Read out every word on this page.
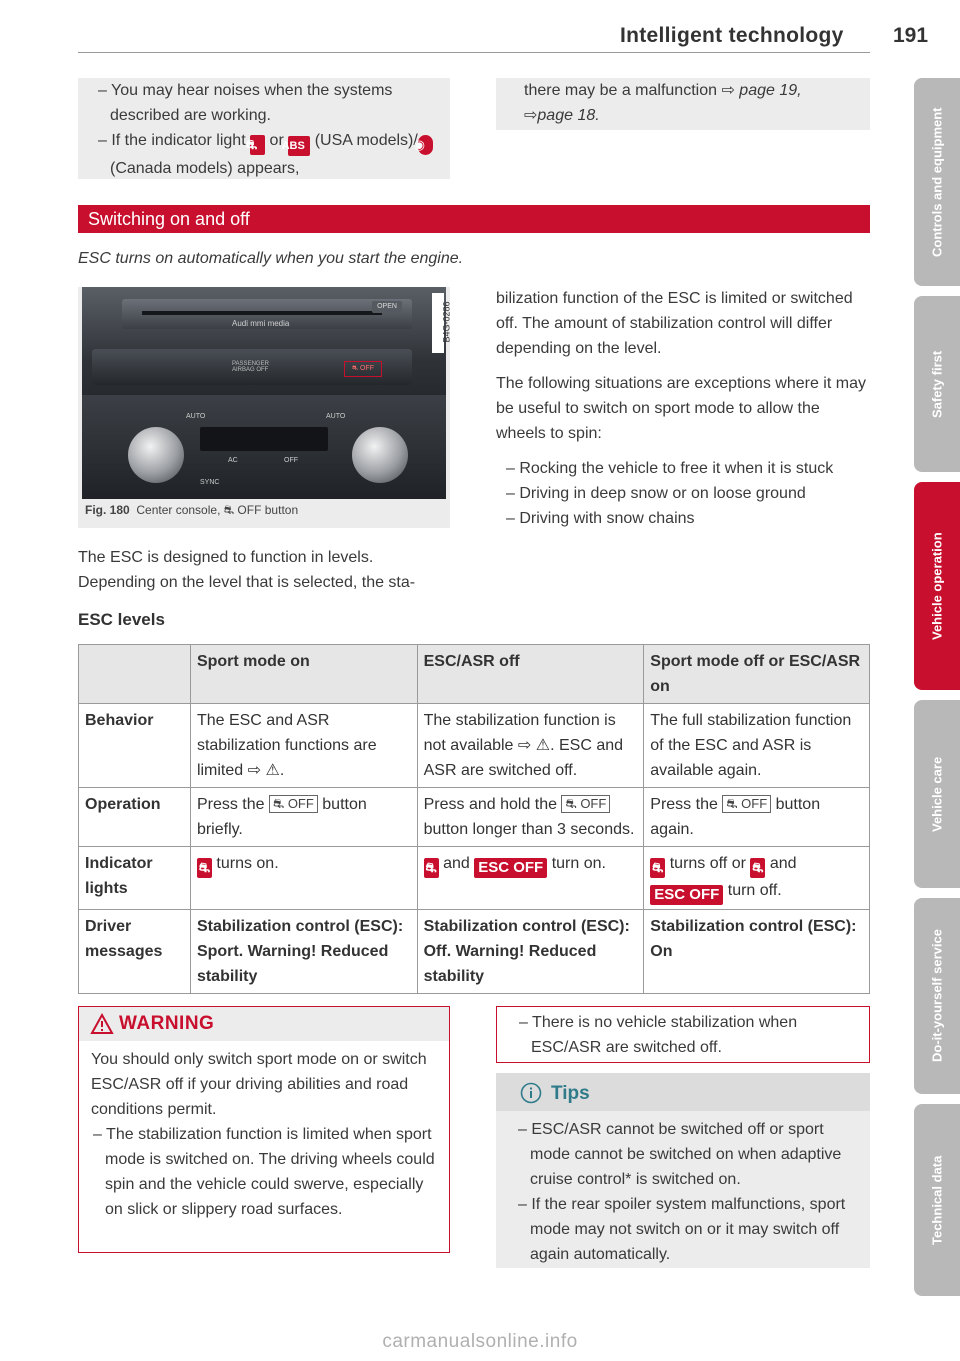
Intelligent technology 191

– You may hear noises when the systems described are working.

– If the indicator light ⛐ or ABS (USA models)/◉ (Canada models) appears,

there may be a malfunction ⇨ page 19,
⇨page 18.

Switching on and off
ESC turns on automatically when you start the engine.
Audi mmi media
OPEN
PASSENGER AIRBAG OFF	⛐ OFF
AUTO	AUTO
AC	OFF
SYNC
B4G-0286
Fig. 180 Center console, ⛐ OFF button
The ESC is designed to function in levels. Depending on the level that is selected, the sta-

bilization function of the ESC is limited or switched off. The amount of stabilization control will differ depending on the level.

The following situations are exceptions where it may be useful to switch on sport mode to allow the wheels to spin:

– Rocking the vehicle to free it when it is stuck

– Driving in deep snow or on loose ground

– Driving with snow chains

ESC levels
	Sport mode on	ESC/ASR off	Sport mode off or ESC/ASR on
Behavior	The ESC and ASR stabilization functions are limited ⇨ ⚠.	The stabilization function is not available ⇨ ⚠. ESC and ASR are switched off.	The full stabilization function of the ESC and ASR is available again.
Operation	Press the ⛐ OFF button briefly.	Press and hold the ⛐ OFF button longer than 3 seconds.	Press the ⛐ OFF button again.
Indicator lights	⛐ turns on.	⛐ and ESC OFF turn on.	⛐ turns off or ⛐ and
ESC OFF turn off.
Driver messages	Stabilization control (ESC): Sport. Warning! Reduced stability	Stabilization control (ESC): Off. Warning! Reduced stability	Stabilization control (ESC): On
WARNING

You should only switch sport mode on or switch ESC/ASR off if your driving abilities and road conditions permit.

– The stabilization function is limited when sport mode is switched on. The driving wheels could spin and the vehicle could swerve, especially on slick or slippery road surfaces.

– There is no vehicle stabilization when ESC/ASR are switched off.
Tips

– ESC/ASR cannot be switched off or sport mode cannot be switched on when adaptive cruise control* is switched on.

– If the rear spoiler system malfunctions, sport mode may not switch on or it may switch off again automatically.

Controls and equipment
Safety first
Vehicle operation
Vehicle care
Do-it-yourself service
Technical data
carmanualsonline.info
